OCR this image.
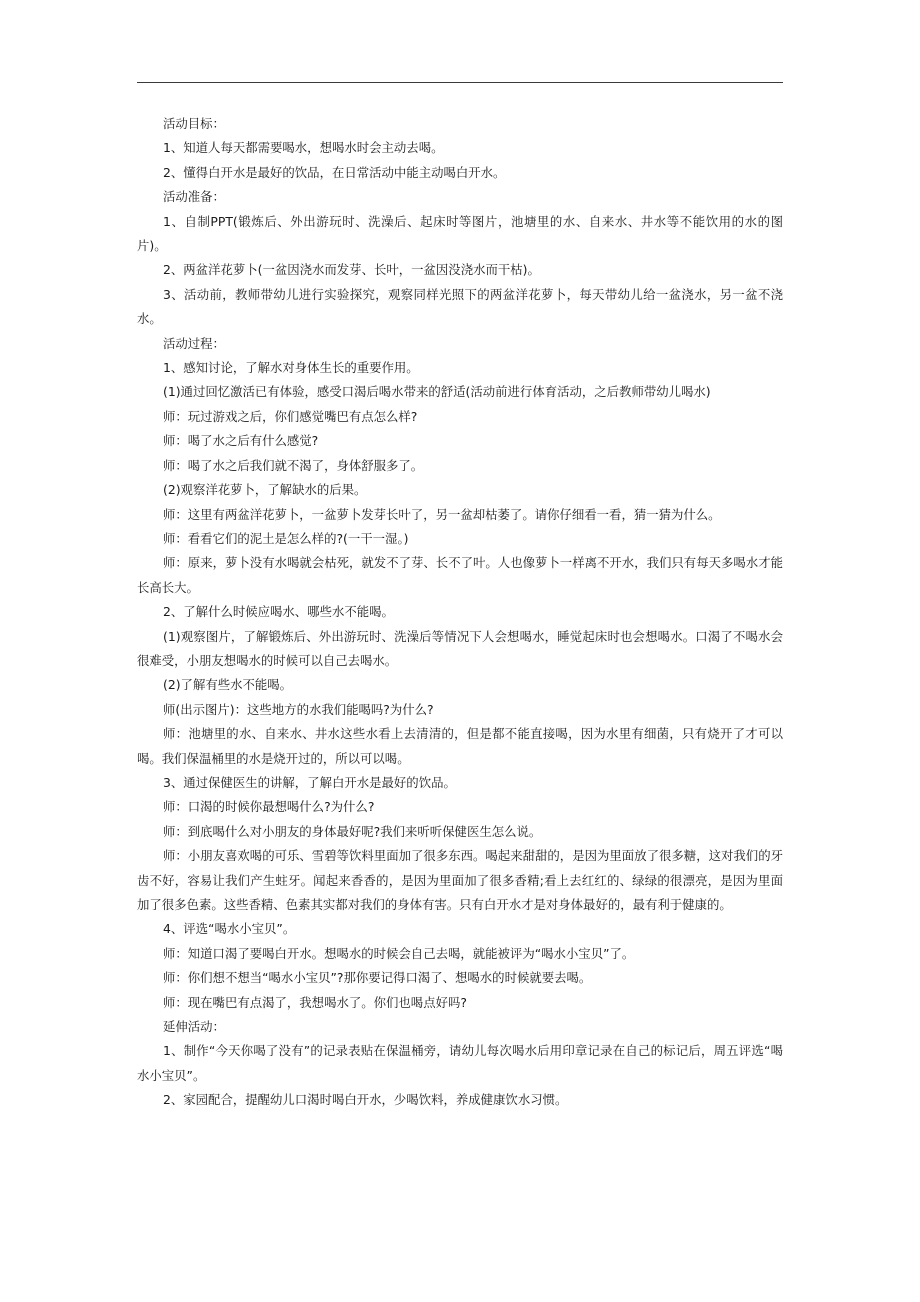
活动目标：

1、知道人每天都需要喝水，想喝水时会主动去喝。

2、懂得白开水是最好的饮品，在日常活动中能主动喝白开水。

活动准备：

1、自制PPT(锻炼后、外出游玩时、洗澡后、起床时等图片，池塘里的水、自来水、井水等不能饮用的水的图片)。

2、两盆洋花萝卜(一盆因浇水而发芽、长叶，一盆因没浇水而干枯)。

3、活动前，教师带幼儿进行实验探究，观察同样光照下的两盆洋花萝卜，每天带幼儿给一盆浇水，另一盆不浇水。

活动过程：

1、感知讨论，了解水对身体生长的重要作用。

(1)通过回忆激活已有体验，感受口渴后喝水带来的舒适(活动前进行体育活动，之后教师带幼儿喝水)

师：玩过游戏之后，你们感觉嘴巴有点怎么样?

师：喝了水之后有什么感觉?

师：喝了水之后我们就不渴了，身体舒服多了。

(2)观察洋花萝卜，了解缺水的后果。

师：这里有两盆洋花萝卜，一盆萝卜发芽长叶了，另一盆却枯萎了。请你仔细看一看，猜一猜为什么。

师：看看它们的泥土是怎么样的?(一干一湿。)

师：原来，萝卜没有水喝就会枯死，就发不了芽、长不了叶。人也像萝卜一样离不开水，我们只有每天多喝水才能长高长大。

2、了解什么时候应喝水、哪些水不能喝。

(1)观察图片，了解锻炼后、外出游玩时、洗澡后等情况下人会想喝水，睡觉起床时也会想喝水。口渴了不喝水会很难受，小朋友想喝水的时候可以自己去喝水。

(2)了解有些水不能喝。

师(出示图片)：这些地方的水我们能喝吗?为什么?

师：池塘里的水、自来水、井水这些水看上去清清的，但是都不能直接喝，因为水里有细菌，只有烧开了才可以喝。我们保温桶里的水是烧开过的，所以可以喝。

3、通过保健医生的讲解，了解白开水是最好的饮品。

师：口渴的时候你最想喝什么?为什么?

师：到底喝什么对小朋友的身体最好呢?我们来听听保健医生怎么说。

师：小朋友喜欢喝的可乐、雪碧等饮料里面加了很多东西。喝起来甜甜的，是因为里面放了很多糖，这对我们的牙齿不好，容易让我们产生蛀牙。闻起来香香的，是因为里面加了很多香精;看上去红红的、绿绿的很漂亮，是因为里面加了很多色素。这些香精、色素其实都对我们的身体有害。只有白开水才是对身体最好的，最有利于健康的。

4、评选“喝水小宝贝”。

师：知道口渴了要喝白开水。想喝水的时候会自己去喝，就能被评为“喝水小宝贝”了。

师：你们想不想当“喝水小宝贝”?那你要记得口渴了、想喝水的时候就要去喝。

师：现在嘴巴有点渴了，我想喝水了。你们也喝点好吗?

延伸活动：

1、制作“今天你喝了没有”的记录表贴在保温桶旁，请幼儿每次喝水后用印章记录在自己的标记后，周五评选“喝水小宝贝”。

2、家园配合，提醒幼儿口渴时喝白开水，少喝饮料，养成健康饮水习惯。
